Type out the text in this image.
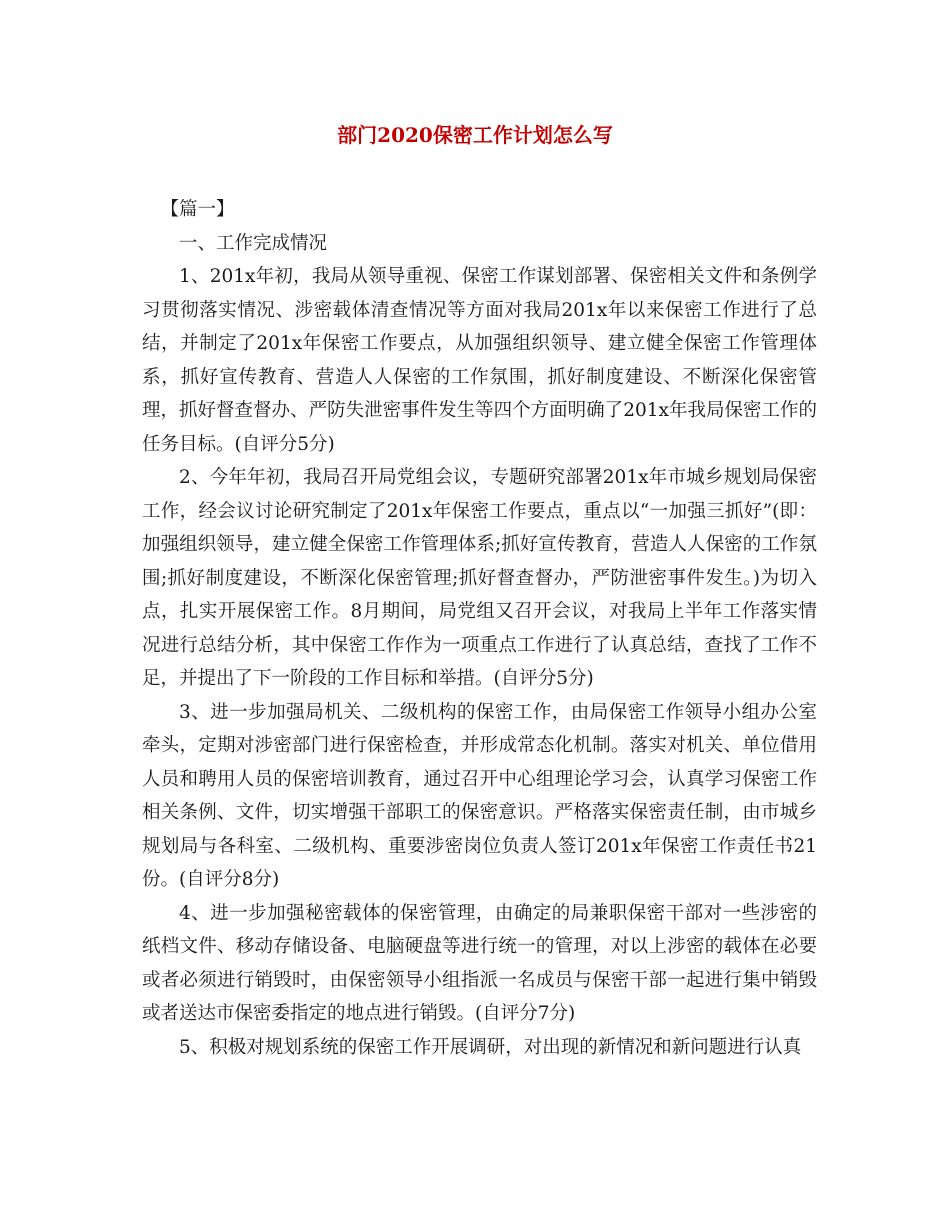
部门2020保密工作计划怎么写

【篇一】

一、工作完成情况

1、201x年初，我局从领导重视、保密工作谋划部署、保密相关文件和条例学习贯彻落实情况、涉密载体清查情况等方面对我局201x年以来保密工作进行了总结，并制定了201x年保密工作要点，从加强组织领导、建立健全保密工作管理体系，抓好宣传教育、营造人人保密的工作氛围，抓好制度建设、不断深化保密管理，抓好督查督办、严防失泄密事件发生等四个方面明确了201x年我局保密工作的任务目标。(自评分5分)

2、今年年初，我局召开局党组会议，专题研究部署201x年市城乡规划局保密工作，经会议讨论研究制定了201x年保密工作要点，重点以“一加强三抓好”(即：加强组织领导，建立健全保密工作管理体系;抓好宣传教育，营造人人保密的工作氛围;抓好制度建设，不断深化保密管理;抓好督查督办，严防泄密事件发生。)为切入点，扎实开展保密工作。8月期间，局党组又召开会议，对我局上半年工作落实情况进行总结分析，其中保密工作作为一项重点工作进行了认真总结，查找了工作不足，并提出了下一阶段的工作目标和举措。(自评分5分)

3、进一步加强局机关、二级机构的保密工作，由局保密工作领导小组办公室牵头，定期对涉密部门进行保密检查，并形成常态化机制。落实对机关、单位借用人员和聘用人员的保密培训教育，通过召开中心组理论学习会，认真学习保密工作相关条例、文件，切实增强干部职工的保密意识。严格落实保密责任制，由市城乡规划局与各科室、二级机构、重要涉密岗位负责人签订201x年保密工作责任书21份。(自评分8分)

4、进一步加强秘密载体的保密管理，由确定的局兼职保密干部对一些涉密的纸档文件、移动存储设备、电脑硬盘等进行统一的管理，对以上涉密的载体在必要或者必须进行销毁时，由保密领导小组指派一名成员与保密干部一起进行集中销毁或者送达市保密委指定的地点进行销毁。(自评分7分)

5、积极对规划系统的保密工作开展调研，对出现的新情况和新问题进行认真
